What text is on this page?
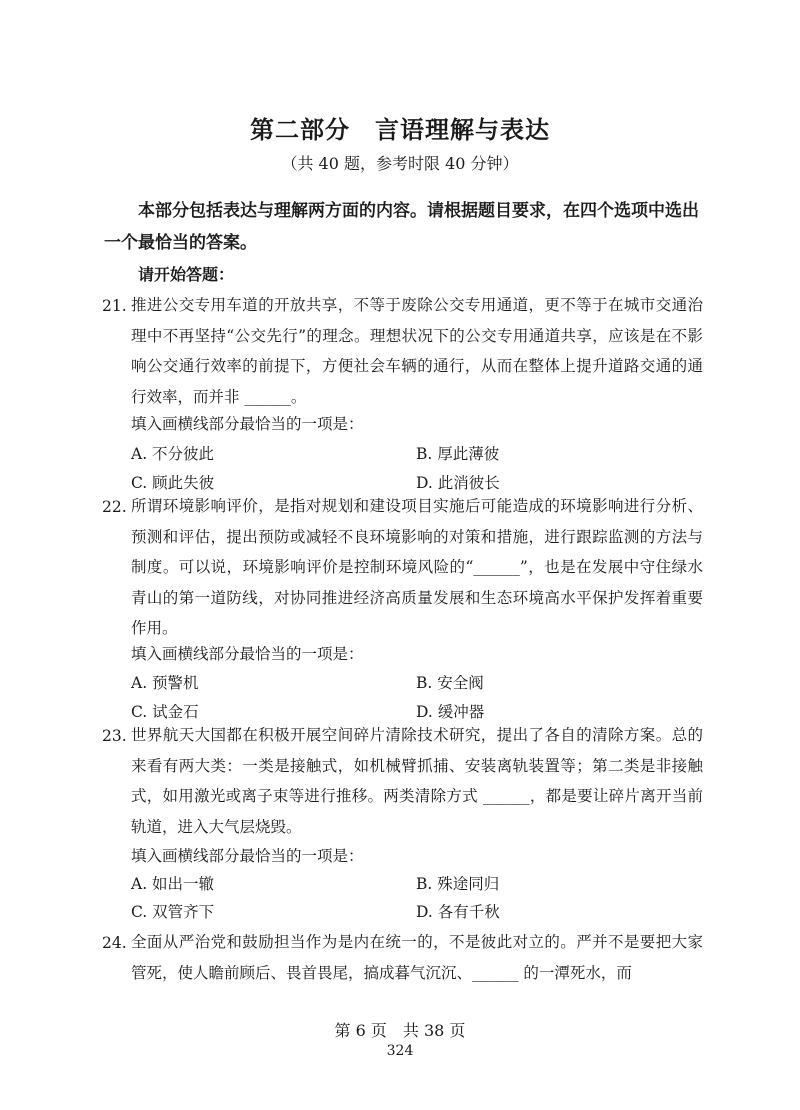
第二部分　言语理解与表达
（共 40 题，参考时限 40 分钟）
本部分包括表达与理解两方面的内容。请根据题目要求，在四个选项中选出一个最恰当的答案。
请开始答题：
21. 推进公交专用车道的开放共享，不等于废除公交专用通道，更不等于在城市交通治理中不再坚持“公交先行”的理念。理想状况下的公交专用通道共享，应该是在不影响公交通行效率的前提下，方便社会车辆的通行，从而在整体上提升道路交通的通行效率，而并非 ______。
填入画横线部分最恰当的一项是：
A. 不分彼此	B. 厚此薄彼
C. 顾此失彼	D. 此消彼长
22. 所谓环境影响评价，是指对规划和建设项目实施后可能造成的环境影响进行分析、预测和评估，提出预防或减轻不良环境影响的对策和措施，进行跟踪监测的方法与制度。可以说，环境影响评价是控制环境风险的“______”，也是在发展中守住绿水青山的第一道防线，对协同推进经济高质量发展和生态环境高水平保护发挥着重要作用。
填入画横线部分最恰当的一项是：
A. 预警机	B. 安全阀
C. 试金石	D. 缓冲器
23. 世界航天大国都在积极开展空间碎片清除技术研究，提出了各自的清除方案。总的来看有两大类：一类是接触式，如机械臂抓捕、安装离轨装置等；第二类是非接触式，如用激光或离子束等进行推移。两类清除方式 ______，都是要让碎片离开当前轨道，进入大气层烧毁。
填入画横线部分最恰当的一项是：
A. 如出一辙	B. 殊途同归
C. 双管齐下	D. 各有千秋
24. 全面从严治党和鼓励担当作为是内在统一的，不是彼此对立的。严并不是要把大家管死，使人瞻前顾后、畏首畏尾，搞成暮气沉沉、______ 的一潭死水，而
第 6 页　共 38 页
324
